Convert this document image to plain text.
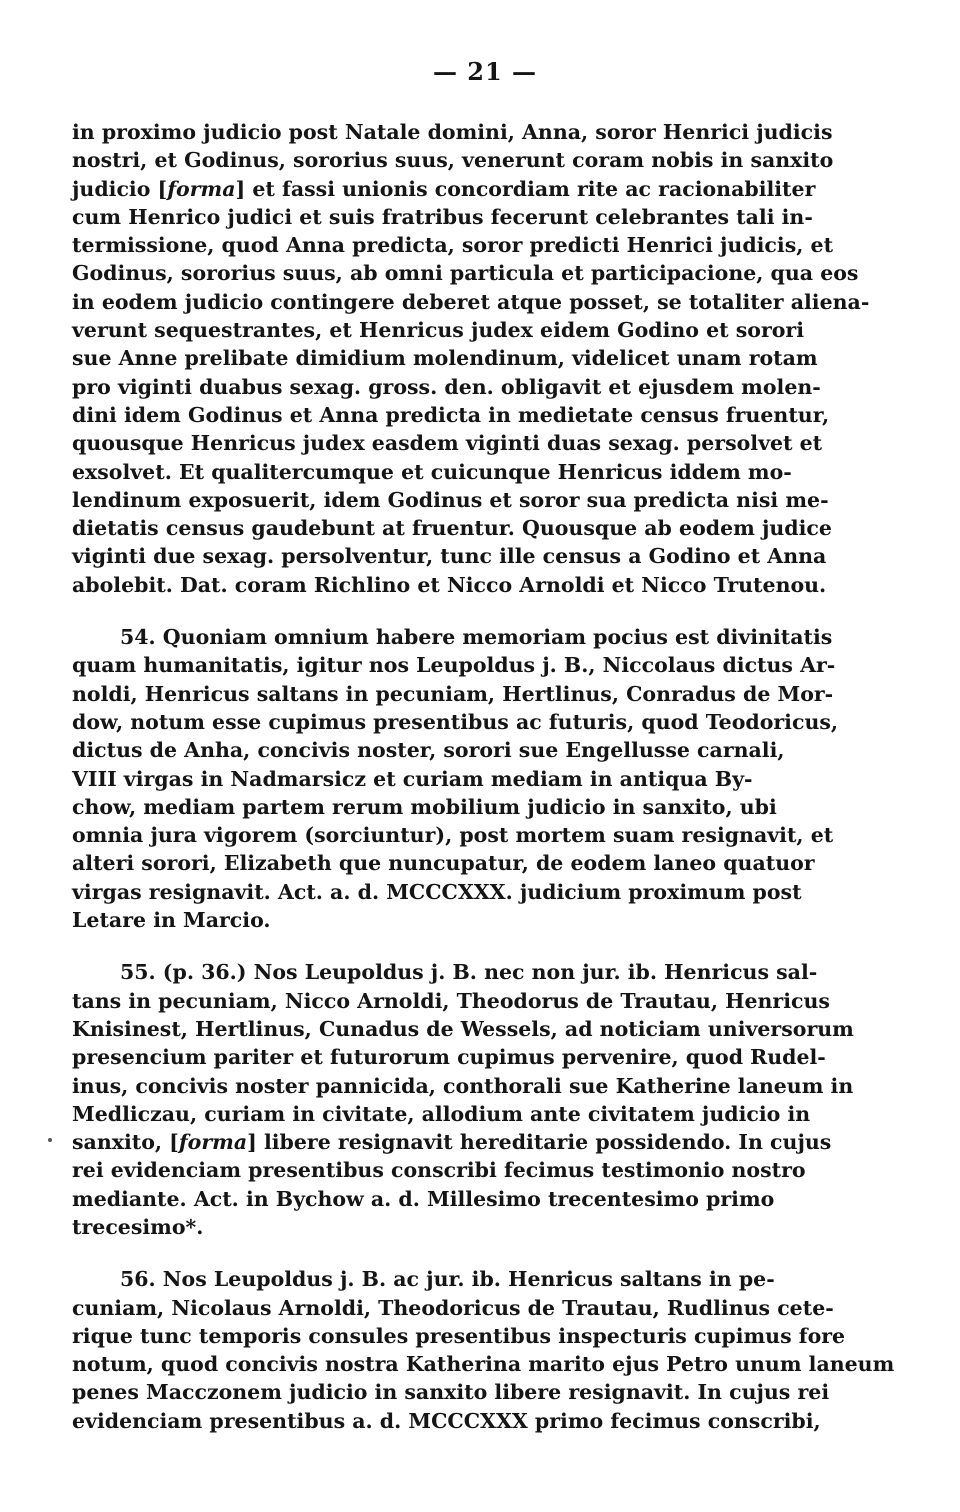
— 21 —
in proximo judicio post Natale domini, Anna, soror Henrici judicis
nostri, et Godinus, sororius suus, venerunt coram nobis in sanxito
judicio [forma] et fassi unionis concordiam rite ac racionabiliter
cum Henrico judici et suis fratribus fecerunt celebrantes tali in-
termissione, quod Anna predicta, soror predicti Henrici judicis, et
Godinus, sororius suus, ab omni particula et participacione, qua eos
in eodem judicio contingere deberet atque posset, se totaliter aliena-
verunt sequestrantes, et Henricus judex eidem Godino et sorori
sue Anne prelibate dimidium molendinum, videlicet unam rotam
pro viginti duabus sexag. gross. den. obligavit et ejusdem molen-
dini idem Godinus et Anna predicta in medietate census fruentur,
quousque Henricus judex easdem viginti duas sexag. persolvet et
exsolvet. Et qualitercumque et cuicunque Henricus iddem mo-
lendinum exposuerit, idem Godinus et soror sua predicta nisi me-
dietatis census gaudebunt at fruentur. Quousque ab eodem judice
viginti due sexag. persolventur, tunc ille census a Godino et Anna
abolebit. Dat. coram Richlino et Nicco Arnoldi et Nicco Trutenou.
54. Quoniam omnium habere memoriam pocius est divinitatis
quam humanitatis, igitur nos Leupoldus j. B., Niccolaus dictus Ar-
noldi, Henricus saltans in pecuniam, Hertlinus, Conradus de Mor-
dow, notum esse cupimus presentibus ac futuris, quod Teodoricus,
dictus de Anha, concivis noster, sorori sue Engellusse carnali,
VIII virgas in Nadmarsicz et curiam mediam in antiqua By-
chow, mediam partem rerum mobilium judicio in sanxito, ubi
omnia jura vigorem (sorciuntur), post mortem suam resignavit, et
alteri sorori, Elizabeth que nuncupatur, de eodem laneo quatuor
virgas resignavit. Act. a. d. MCCCXXX. judicium proximum post
Letare in Marcio.
55. (p. 36.) Nos Leupoldus j. B. nec non jur. ib. Henricus sal-
tans in pecuniam, Nicco Arnoldi, Theodorus de Trautau, Henricus
Knisinest, Hertlinus, Cunadus de Wessels, ad noticiam universorum
presencium pariter et futurorum cupimus pervenire, quod Rudel-
inus, concivis noster pannicida, conthorali sue Katherine laneum in
Medliczau, curiam in civitate, allodium ante civitatem judicio in
sanxito, [forma] libere resignavit hereditarie possidendo. In cujus
rei evidenciam presentibus conscribi fecimus testimonio nostro
mediante. Act. in Bychow a. d. Millesimo trecentesimo primo
trecesimo*.
56. Nos Leupoldus j. B. ac jur. ib. Henricus saltans in pe-
cuniam, Nicolaus Arnoldi, Theodoricus de Trautau, Rudlinus cete-
rique tunc temporis consules presentibus inspecturis cupimus fore
notum, quod concivis nostra Katherina marito ejus Petro unum laneum
penes Macczonem judicio in sanxito libere resignavit. In cujus rei
evidenciam presentibus a. d. MCCCXXX primo fecimus conscribi,
